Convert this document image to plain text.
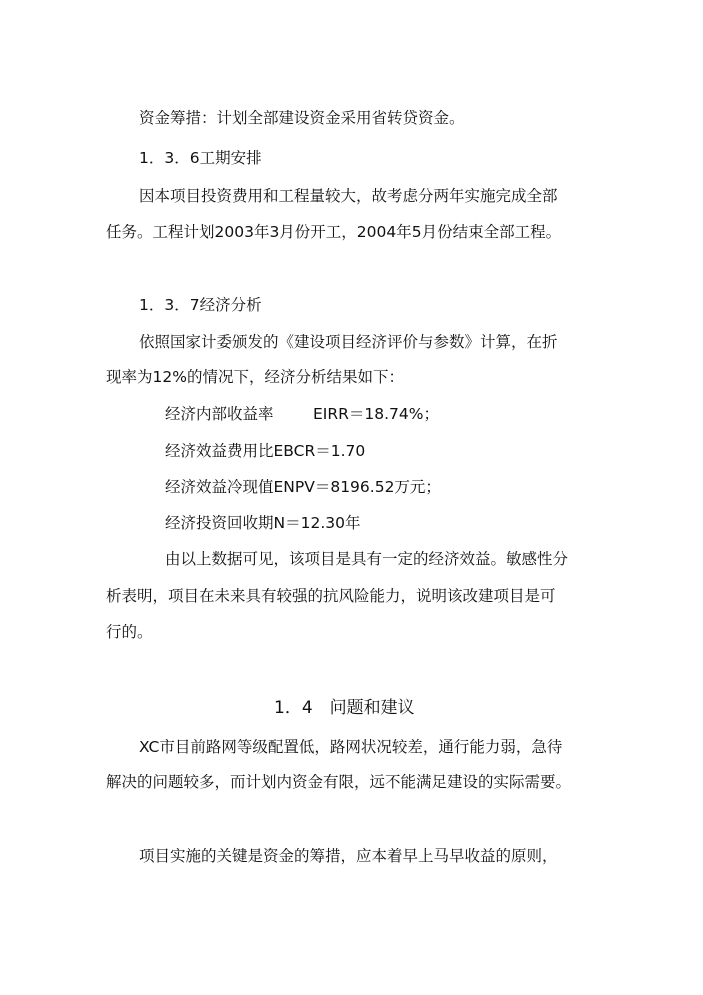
资金筹措：计划全部建设资金采用省转贷资金。
1．3．6工期安排
因本项目投资费用和工程量较大，故考虑分两年实施完成全部
任务。工程计划2003年3月份开工，2004年5月份结束全部工程。
1．3．7经济分析
依照国家计委颁发的《建设项目经济评价与参数》计算，在折
现率为12%的情况下，经济分析结果如下：
经济内部收益率	EIRR＝18.74%；
经济效益费用比EBCR＝1.70
经济效益冷现值ENPV＝8196.52万元；
经济投资回收期N＝12.30年
由以上数据可见，该项目是具有一定的经济效益。敏感性分
析表明，项目在未来具有较强的抗风险能力，说明该改建项目是可
行的。
1．4　问题和建议
XC市目前路网等级配置低，路网状况较差，通行能力弱，急待
解决的问题较多，而计划内资金有限，远不能满足建设的实际需要。
项目实施的关键是资金的筹措，应本着早上马早收益的原则，
